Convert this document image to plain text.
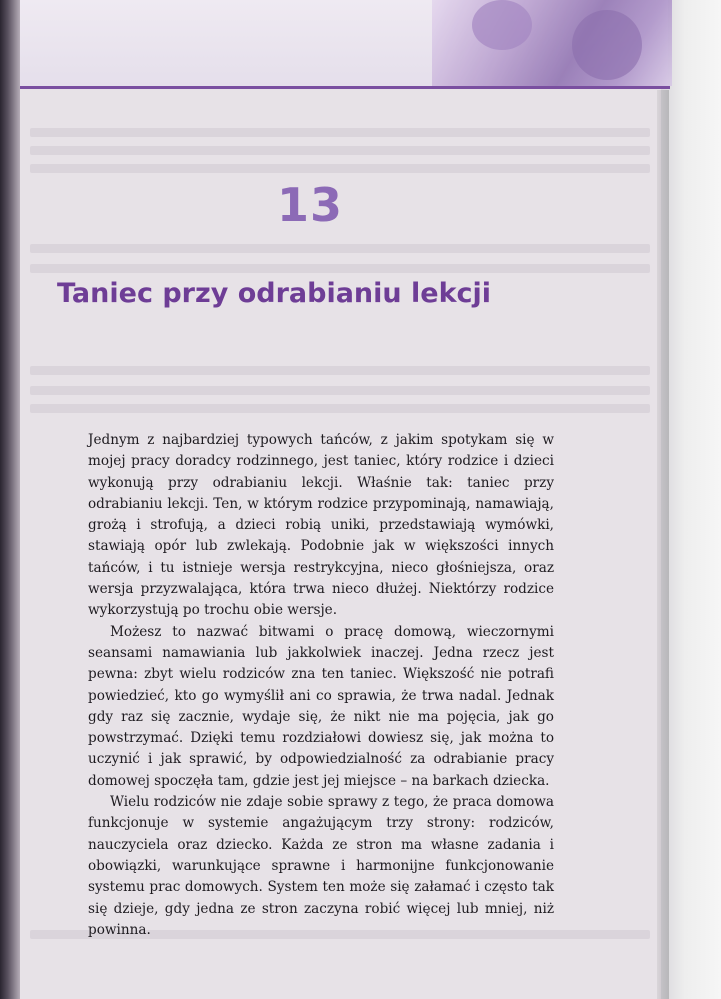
13
Taniec przy odrabianiu lekcji

Jednym z najbardziej typowych tańców, z jakim spotykam się w mojej pracy doradcy rodzinnego, jest taniec, który rodzice i dzieci wykonują przy odrabianiu lekcji. Właśnie tak: taniec przy odrabianiu lekcji. Ten, w którym rodzice przypominają, namawiają, grożą i strofują, a dzieci robią uniki, przedstawiają wymówki, stawiają opór lub zwlekają. Podobnie jak w większości innych tańców, i tu istnieje wersja restrykcyjna, nieco głośniejsza, oraz wersja przyzwalająca, która trwa nieco dłużej. Niektórzy rodzice wykorzystują po trochu obie wersje.

Możesz to nazwać bitwami o pracę domową, wieczornymi seansami namawiania lub jakkolwiek inaczej. Jedna rzecz jest pewna: zbyt wielu rodziców zna ten taniec. Większość nie potrafi powiedzieć, kto go wymyślił ani co sprawia, że trwa nadal. Jednak gdy raz się zacznie, wydaje się, że nikt nie ma pojęcia, jak go powstrzymać. Dzięki temu rozdziałowi dowiesz się, jak można to uczynić i jak sprawić, by odpowiedzialność za odrabianie pracy domowej spoczęła tam, gdzie jest jej miejsce – na barkach dziecka.

Wielu rodziców nie zdaje sobie sprawy z tego, że praca domowa funkcjonuje w systemie angażującym trzy strony: rodziców, nauczyciela oraz dziecko. Każda ze stron ma własne zadania i obowiązki, warunkujące sprawne i harmonijne funkcjonowanie systemu prac domowych. System ten może się załamać i często tak się dzieje, gdy jedna ze stron zaczyna robić więcej lub mniej, niż powinna.
